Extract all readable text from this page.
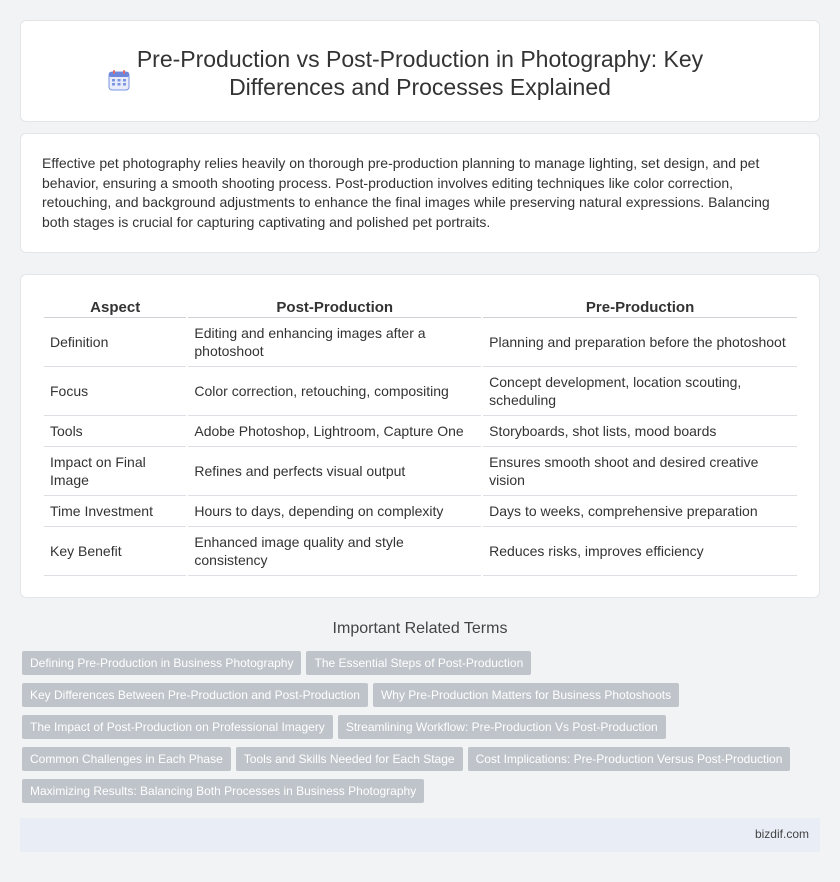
Pre-Production vs Post-Production in Photography: Key Differences and Processes Explained

Effective pet photography relies heavily on thorough pre-production planning to manage lighting, set design, and pet behavior, ensuring a smooth shooting process. Post-production involves editing techniques like color correction, retouching, and background adjustments to enhance the final images while preserving natural expressions. Balancing both stages is crucial for capturing captivating and polished pet portraits.

Aspect	Post-Production	Pre-Production
Definition	Editing and enhancing images after a photoshoot	Planning and preparation before the photoshoot
Focus	Color correction, retouching, compositing	Concept development, location scouting, scheduling
Tools	Adobe Photoshop, Lightroom, Capture One	Storyboards, shot lists, mood boards
Impact on Final Image	Refines and perfects visual output	Ensures smooth shoot and desired creative vision
Time Investment	Hours to days, depending on complexity	Days to weeks, comprehensive preparation
Key Benefit	Enhanced image quality and style consistency	Reduces risks, improves efficiency
Important Related Terms
Defining Pre-Production in Business Photography The Essential Steps of Post-Production
Key Differences Between Pre-Production and Post-Production Why Pre-Production Matters for Business Photoshoots
The Impact of Post-Production on Professional Imagery Streamlining Workflow: Pre-Production Vs Post-Production
Common Challenges in Each Phase Tools and Skills Needed for Each Stage Cost Implications: Pre-Production Versus Post-Production
Maximizing Results: Balancing Both Processes in Business Photography
bizdif.com
